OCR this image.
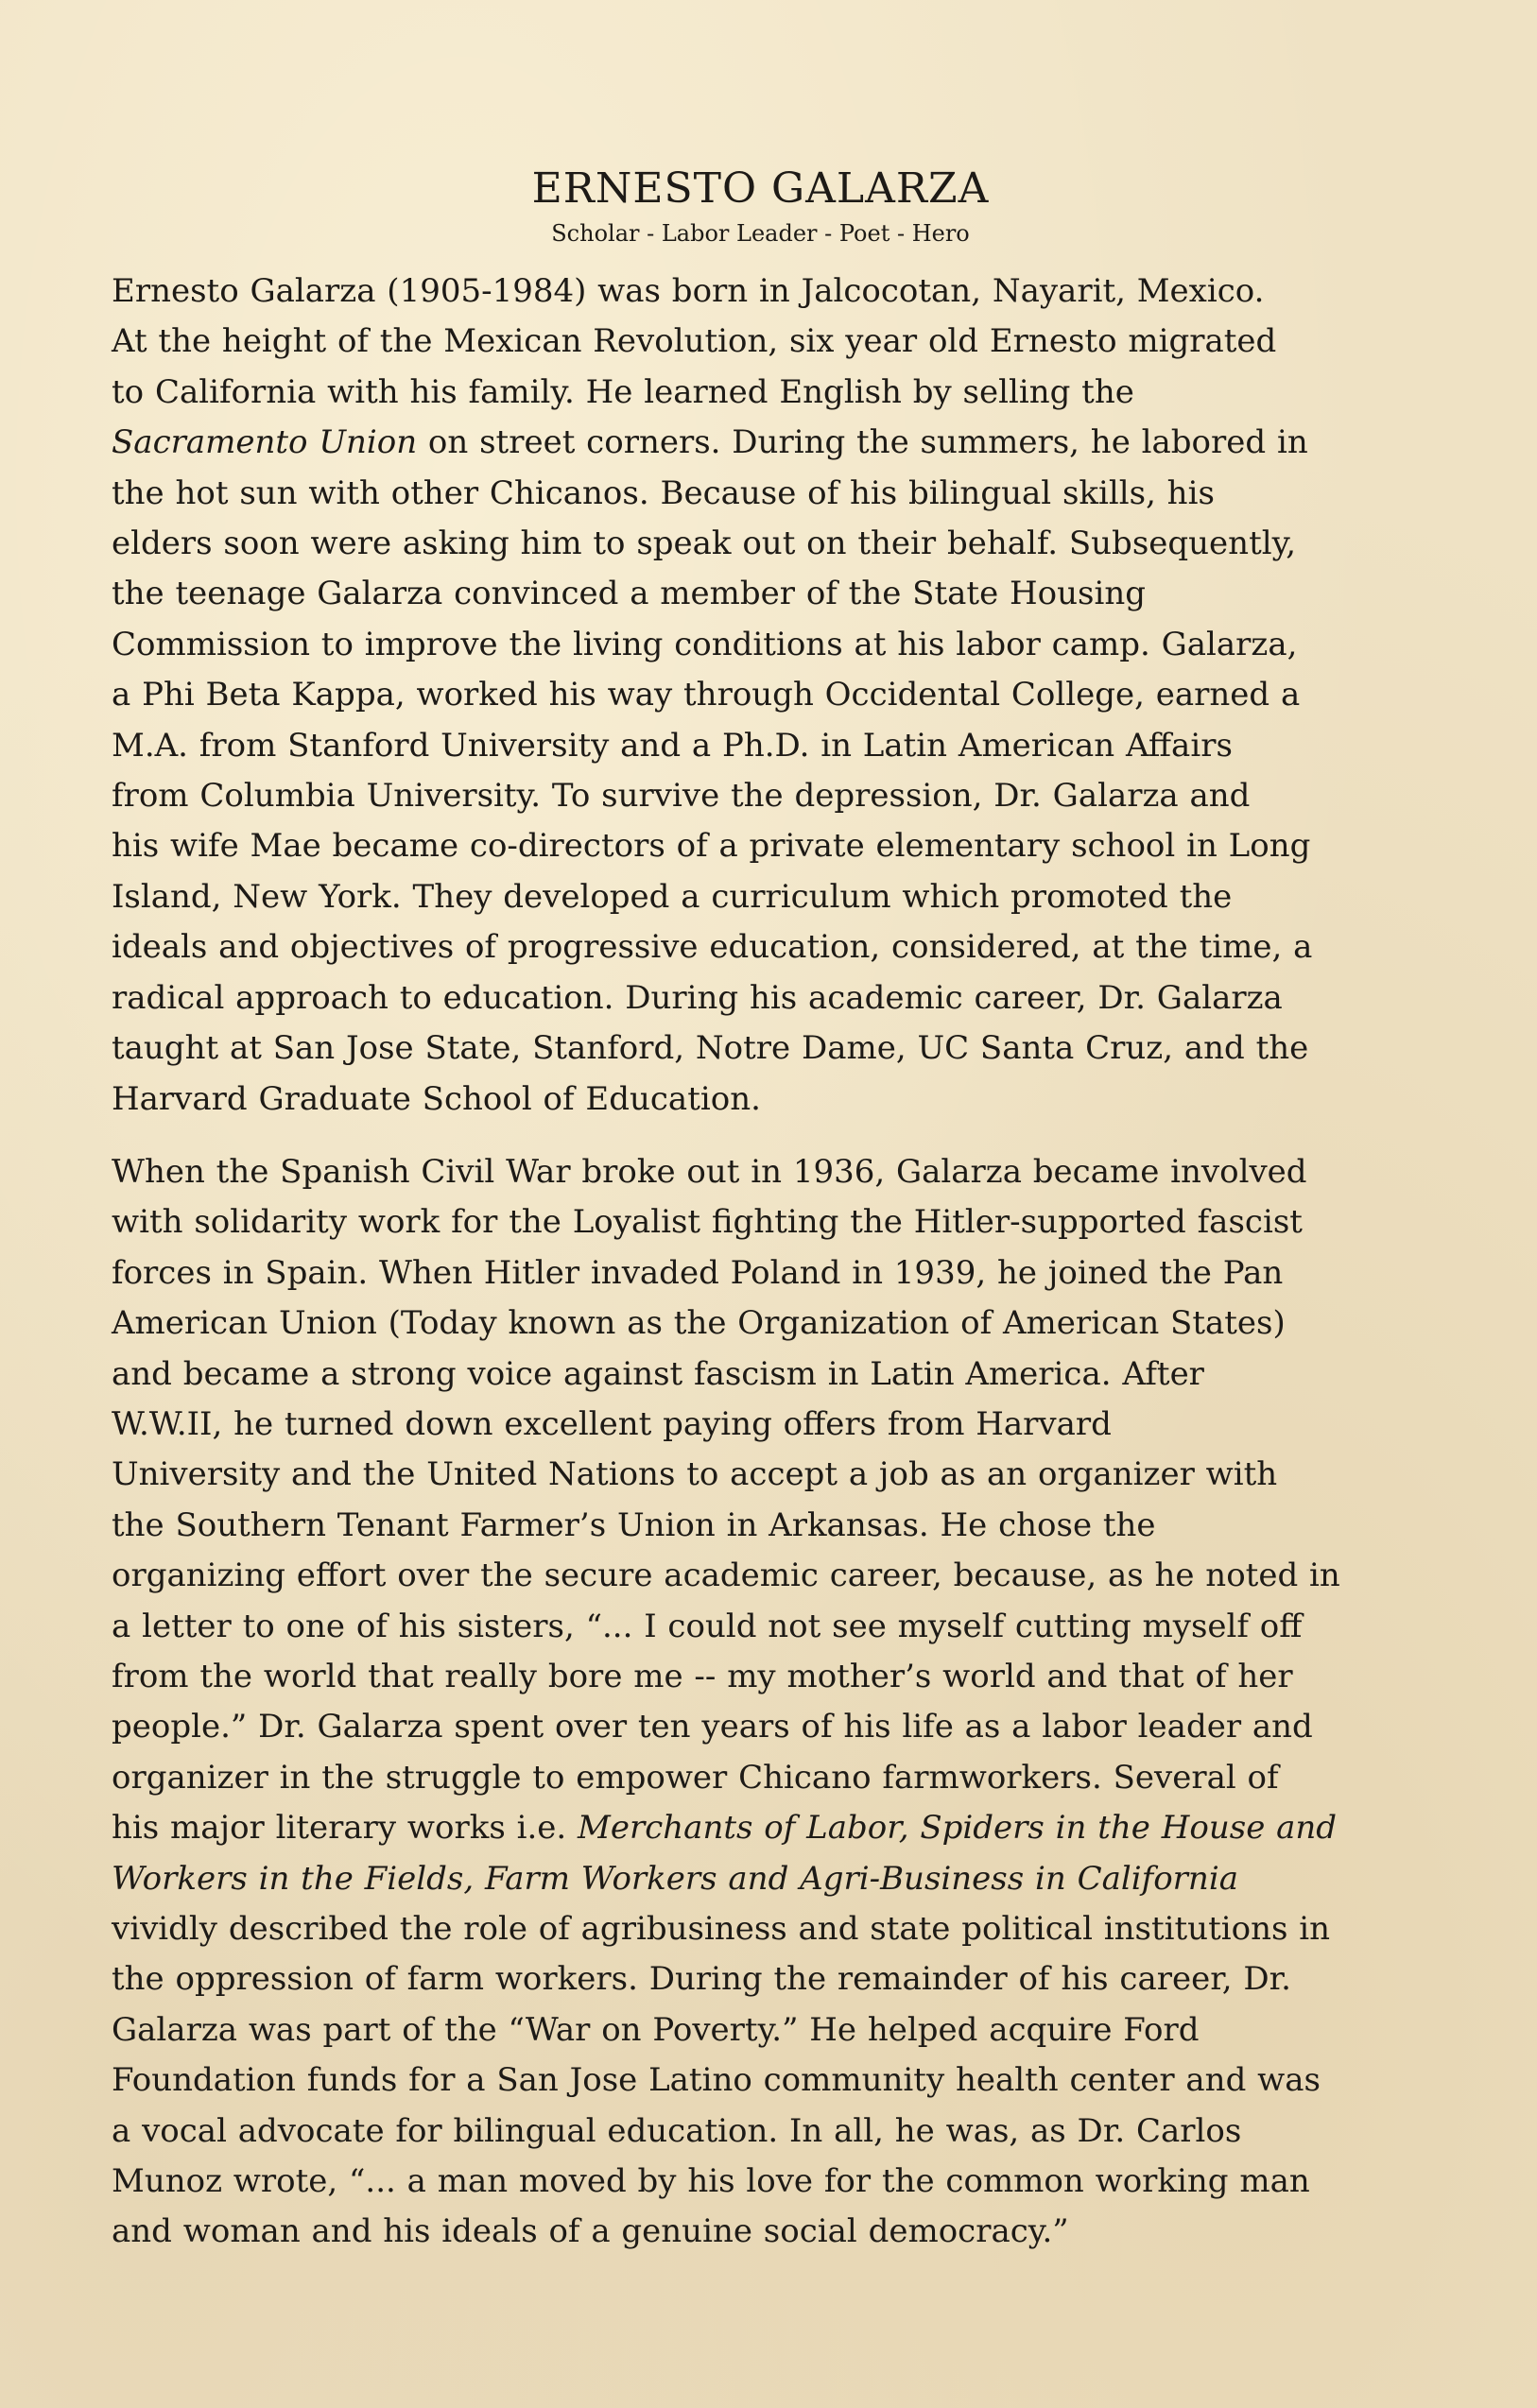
ERNESTO GALARZA
Scholar - Labor Leader - Poet - Hero

Ernesto Galarza (1905-1984) was born in Jalcocotan, Nayarit, Mexico.
At the height of the Mexican Revolution, six year old Ernesto migrated
to California with his family. He learned English by selling the
Sacramento Union on street corners. During the summers, he labored in
the hot sun with other Chicanos. Because of his bilingual skills, his
elders soon were asking him to speak out on their behalf. Subsequently,
the teenage Galarza convinced a member of the State Housing
Commission to improve the living conditions at his labor camp. Galarza,
a Phi Beta Kappa, worked his way through Occidental College, earned a
M.A. from Stanford University and a Ph.D. in Latin American Affairs
from Columbia University. To survive the depression, Dr. Galarza and
his wife Mae became co-directors of a private elementary school in Long
Island, New York. They developed a curriculum which promoted the
ideals and objectives of progressive education, considered, at the time, a
radical approach to education. During his academic career, Dr. Galarza
taught at San Jose State, Stanford, Notre Dame, UC Santa Cruz, and the
Harvard Graduate School of Education.

When the Spanish Civil War broke out in 1936, Galarza became involved
with solidarity work for the Loyalist fighting the Hitler-supported fascist
forces in Spain. When Hitler invaded Poland in 1939, he joined the Pan
American Union (Today known as the Organization of American States)
and became a strong voice against fascism in Latin America. After
W.W.II, he turned down excellent paying offers from Harvard
University and the United Nations to accept a job as an organizer with
the Southern Tenant Farmer’s Union in Arkansas. He chose the
organizing effort over the secure academic career, because, as he noted in
a letter to one of his sisters, “... I could not see myself cutting myself off
from the world that really bore me -- my mother’s world and that of her
people.” Dr. Galarza spent over ten years of his life as a labor leader and
organizer in the struggle to empower Chicano farmworkers. Several of
his major literary works i.e. Merchants of Labor, Spiders in the House and
Workers in the Fields, Farm Workers and Agri-Business in California
vividly described the role of agribusiness and state political institutions in
the oppression of farm workers. During the remainder of his career, Dr.
Galarza was part of the “War on Poverty.” He helped acquire Ford
Foundation funds for a San Jose Latino community health center and was
a vocal advocate for bilingual education. In all, he was, as Dr. Carlos
Munoz wrote, “... a man moved by his love for the common working man
and woman and his ideals of a genuine social democracy.”
